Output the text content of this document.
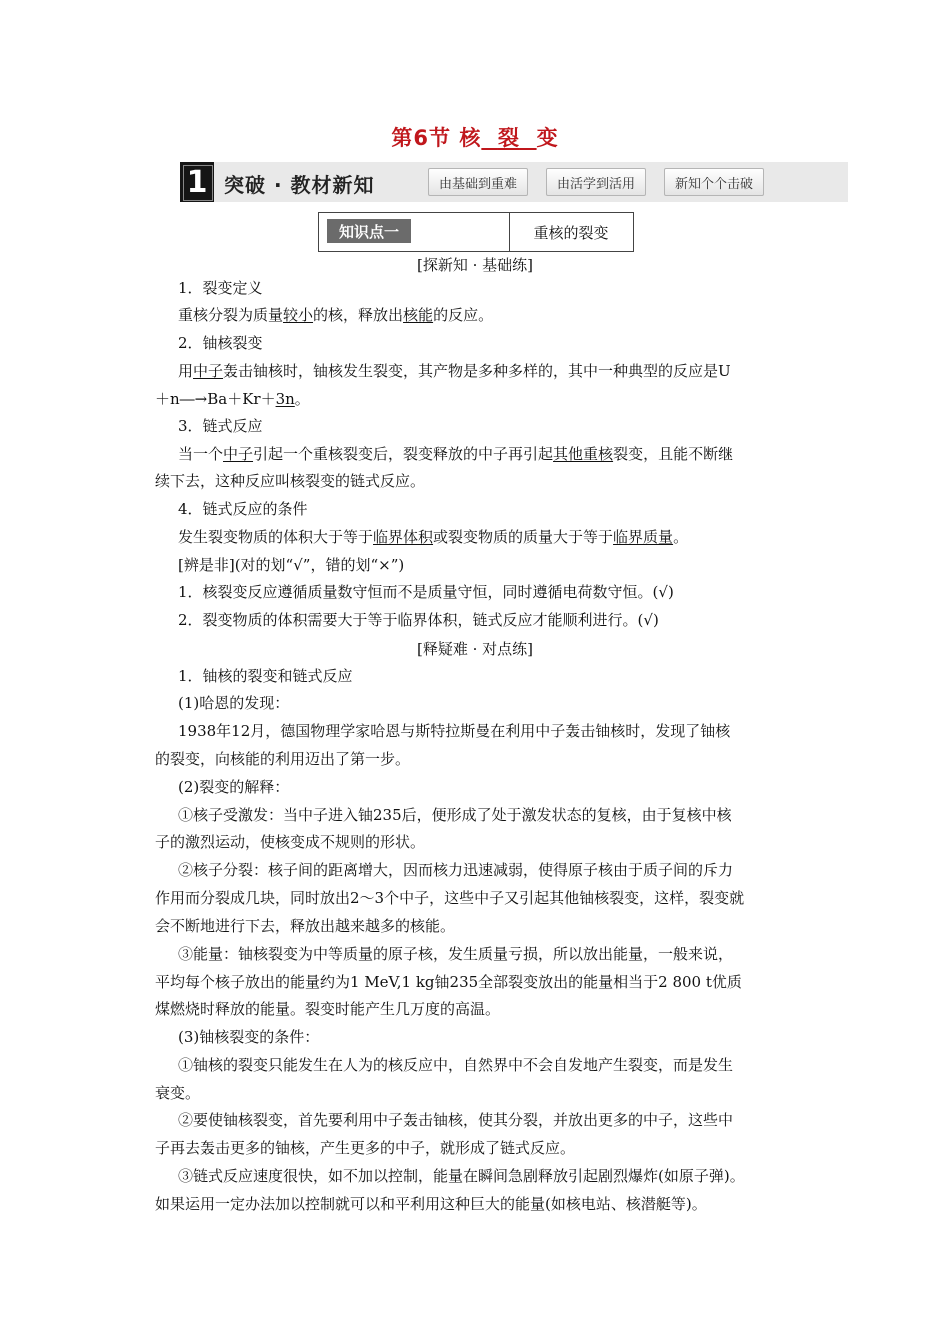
第6节 核 裂 变
1 突破 · 教材新知	由基础到重难	由活学到活用	新知个个击破
知识点一	重核的裂变
[探新知 · 基础练]
1．裂变定义
重核分裂为质量较小的核，释放出核能的反应。
2．铀核裂变
用中子轰击铀核时，铀核发生裂变，其产物是多种多样的，其中一种典型的反应是U
＋n―→Ba＋Kr＋3n。
3．链式反应
当一个中子引起一个重核裂变后，裂变释放的中子再引起其他重核裂变，且能不断继
续下去，这种反应叫核裂变的链式反应。
4．链式反应的条件
发生裂变物质的体积大于等于临界体积或裂变物质的质量大于等于临界质量。
[辨是非](对的划“√”，错的划“×”)
1．核裂变反应遵循质量数守恒而不是质量守恒，同时遵循电荷数守恒。(√)
2．裂变物质的体积需要大于等于临界体积，链式反应才能顺利进行。(√)
[释疑难 · 对点练]
1．铀核的裂变和链式反应
(1)哈恩的发现：
1938年12月，德国物理学家哈恩与斯特拉斯曼在利用中子轰击铀核时，发现了铀核
的裂变，向核能的利用迈出了第一步。
(2)裂变的解释：
①核子受激发：当中子进入铀235后，便形成了处于激发状态的复核，由于复核中核
子的激烈运动，使核变成不规则的形状。
②核子分裂：核子间的距离增大，因而核力迅速减弱，使得原子核由于质子间的斥力
作用而分裂成几块，同时放出2～3个中子，这些中子又引起其他铀核裂变，这样，裂变就
会不断地进行下去，释放出越来越多的核能。
③能量：铀核裂变为中等质量的原子核，发生质量亏损，所以放出能量，一般来说，
平均每个核子放出的能量约为1 MeV,1 kg铀235全部裂变放出的能量相当于2 800 t优质
煤燃烧时释放的能量。裂变时能产生几万度的高温。
(3)铀核裂变的条件：
①铀核的裂变只能发生在人为的核反应中，自然界中不会自发地产生裂变，而是发生
衰变。
②要使铀核裂变，首先要利用中子轰击铀核，使其分裂，并放出更多的中子，这些中
子再去轰击更多的铀核，产生更多的中子，就形成了链式反应。
③链式反应速度很快，如不加以控制，能量在瞬间急剧释放引起剧烈爆炸(如原子弹)。
如果运用一定办法加以控制就可以和平利用这种巨大的能量(如核电站、核潜艇等)。
